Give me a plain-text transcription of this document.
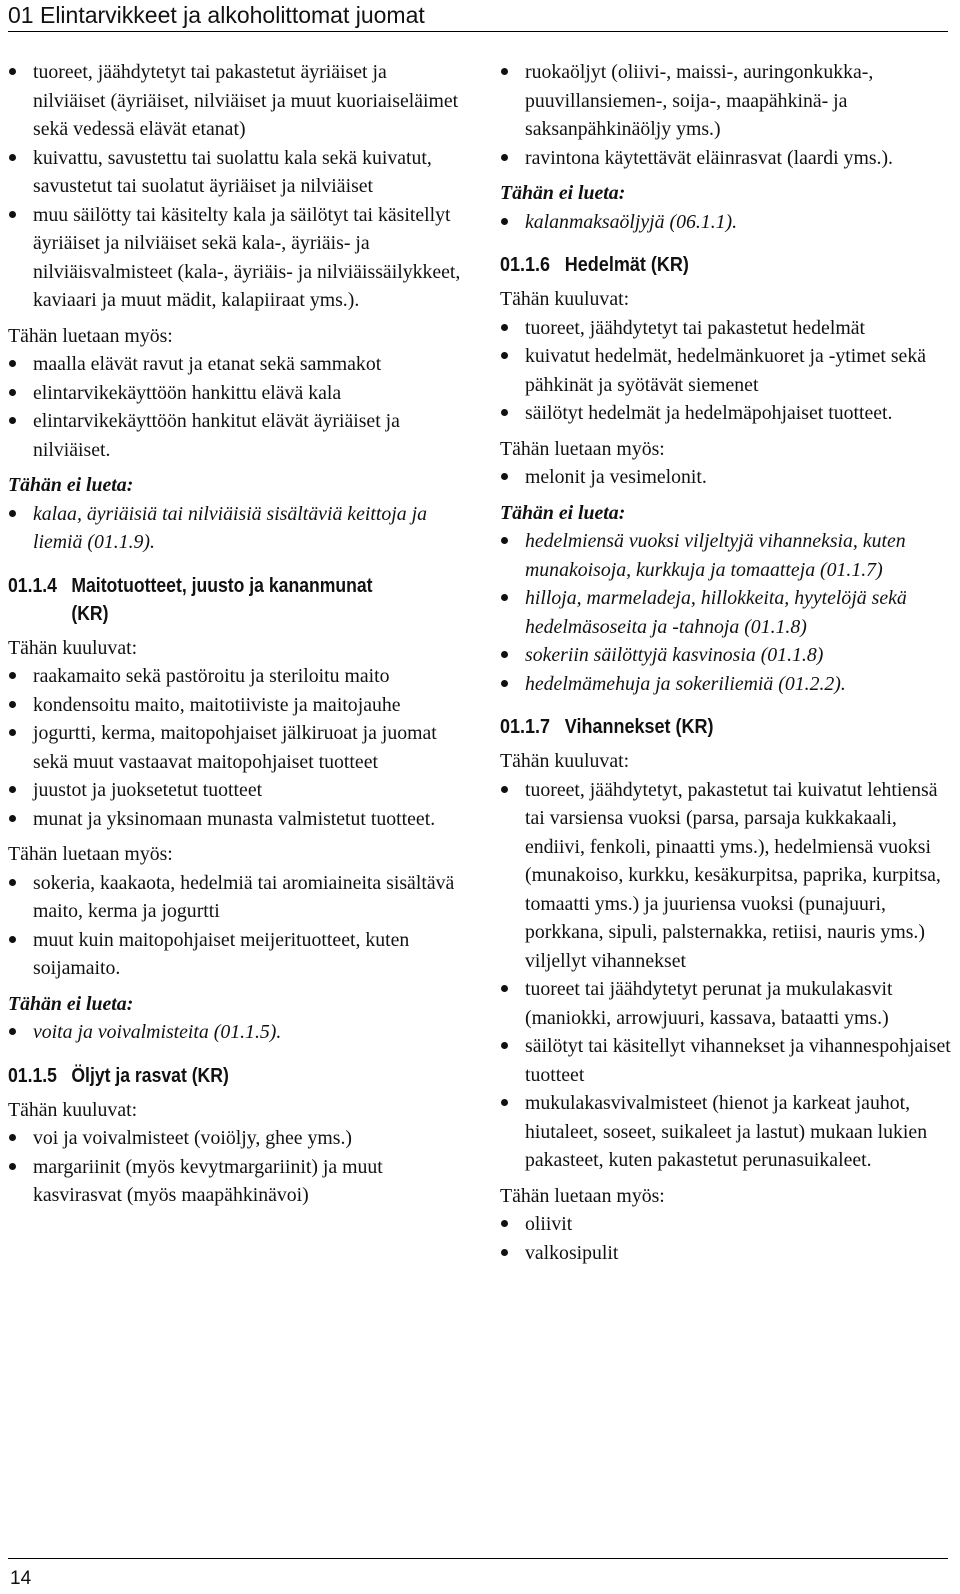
01 Elintarvikkeet ja alkoholittomat juomat
tuoreet, jäähdytetyt tai pakastetut äyriäiset ja nilviäiset (äyriäiset, nilviäiset ja muut kuoriaiseläimet sekä vedessä elävät etanat)
kuivattu, savustettu tai suolattu kala sekä kuivatut, savustetut tai suolatut äyriäiset ja nilviäiset
muu säilötty tai käsitelty kala ja säilötyt tai käsitellyt äyriäiset ja nilviäiset sekä kala-, äyriäis- ja nilviäisvalmisteet (kala-, äyriäis- ja nilviäissäilykkeet, kaviaari ja muut mädit, kalapiiraat yms.).
Tähän luetaan myös:
maalla elävät ravut ja etanat sekä sammakot
elintarvikekäyttöön hankittu elävä kala
elintarvikekäyttöön hankitut elävät äyriäiset ja nilviäiset.
Tähän ei lueta:
kalaa, äyriäisiä tai nilviäisiä sisältäviä keittoja ja liemiä (01.1.9).
01.1.4 Maitotuotteet, juusto ja kananmunat (KR)
Tähän kuuluvat:
raakamaito sekä pastöroitu ja steriloitu maito
kondensoitu maito, maitotiiviste ja maitojauhe
jogurtti, kerma, maitopohjaiset jälkiruoat ja juomat sekä muut vastaavat maitopohjaiset tuotteet
juustot ja juoksetetut tuotteet
munat ja yksinomaan munasta valmistetut tuotteet.
Tähän luetaan myös:
sokeria, kaakaota, hedelmiä tai aromiaineita sisältävä maito, kerma ja jogurtti
muut kuin maitopohjaiset meijerituotteet, kuten soijamaito.
Tähän ei lueta:
voita ja voivalmisteita (01.1.5).
01.1.5 Öljyt ja rasvat (KR)
Tähän kuuluvat:
voi ja voivalmisteet (voiöljy, ghee yms.)
margariinit (myös kevytmargariinit) ja muut kasvirasvat (myös maapähkinävoi)
ruokaöljyt (oliivi-, maissi-, auringonkukka-, puuvillansiemen-, soija-, maapähkinä- ja saksanpähkinäöljy yms.)
ravintona käytettävät eläinrasvat (laardi yms.).
Tähän ei lueta:
kalanmaksaöljyjä (06.1.1).
01.1.6 Hedelmät (KR)
Tähän kuuluvat:
tuoreet, jäähdytetyt tai pakastetut hedelmät
kuivatut hedelmät, hedelmänkuoret ja -ytimet sekä pähkinät ja syötävät siemenet
säilötyt hedelmät ja hedelmäpohjaiset tuotteet.
Tähän luetaan myös:
melonit ja vesimelonit.
Tähän ei lueta:
hedelmiensä vuoksi viljeltyjä vihanneksia, kuten munakoisoja, kurkkuja ja tomaatteja (01.1.7)
hilloja, marmeladeja, hillokkeita, hyytelöjä sekä hedelmäsoseita ja -tahnoja (01.1.8)
sokeriin säilöttyjä kasvinosia (01.1.8)
hedelmämehuja ja sokeriliemiä (01.2.2).
01.1.7 Vihannekset (KR)
Tähän kuuluvat:
tuoreet, jäähdytetyt, pakastetut tai kuivatut lehtiensä tai varsiensa vuoksi (parsa, parsaja kukkakaali, endiivi, fenkoli, pinaatti yms.), hedelmiensä vuoksi (munakoiso, kurkku, kesäkurpitsa, paprika, kurpitsa, tomaatti yms.) ja juuriensa vuoksi (punajuuri, porkkana, sipuli, palsternakka, retiisi, nauris yms.) viljellyt vihannekset
tuoreet tai jäähdytetyt perunat ja mukulakasvit (maniokki, arrowjuuri, kassava, bataatti yms.)
säilötyt tai käsitellyt vihannekset ja vihannespohjaiset tuotteet
mukulakasvivalmisteet (hienot ja karkeat jauhot, hiutaleet, soseet, suikaleet ja lastut) mukaan lukien pakasteet, kuten pakastetut perunasuikaleet.
Tähän luetaan myös:
oliivit
valkosipulit
14
